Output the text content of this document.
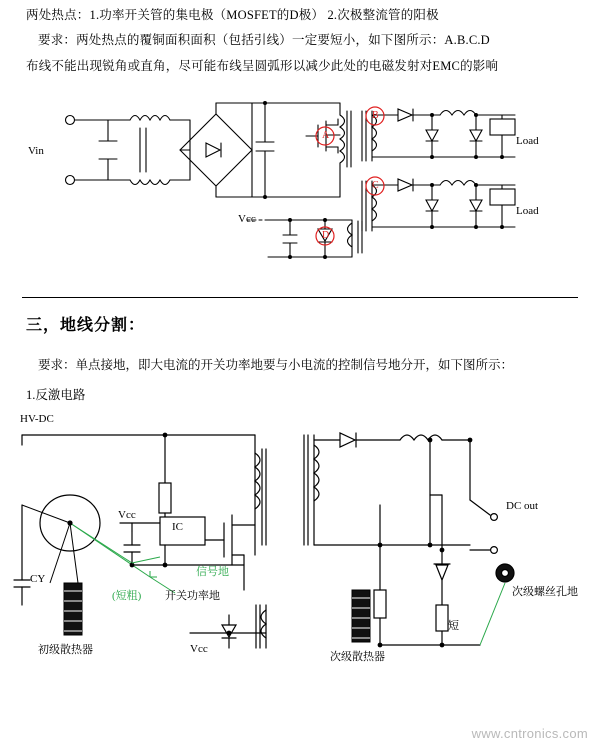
两处热点：1.功率开关管的集电极（MOSFET的D极） 2.次极整流管的阳极
要求：两处热点的覆铜面积面积（包括引线）一定要短小，如下图所示：A.B.C.D
布线不能出现锐角或直角，尽可能布线呈圆弧形以减少此处的电磁发射对EMC的影响
Vin
Vcc
Load
Load
A
B
C
D
三，地线分割：
要求：单点接地，即大电流的开关功率地要与小电流的控制信号地分开，如下图所示：
1.反激电路
HV-DC
CY
Vcc
IC
信号地
(短粗) 开关功率地
初级散热器	Vcc
DC out
次级螺丝孔地
短
次级散热器
www.cntronics.com
